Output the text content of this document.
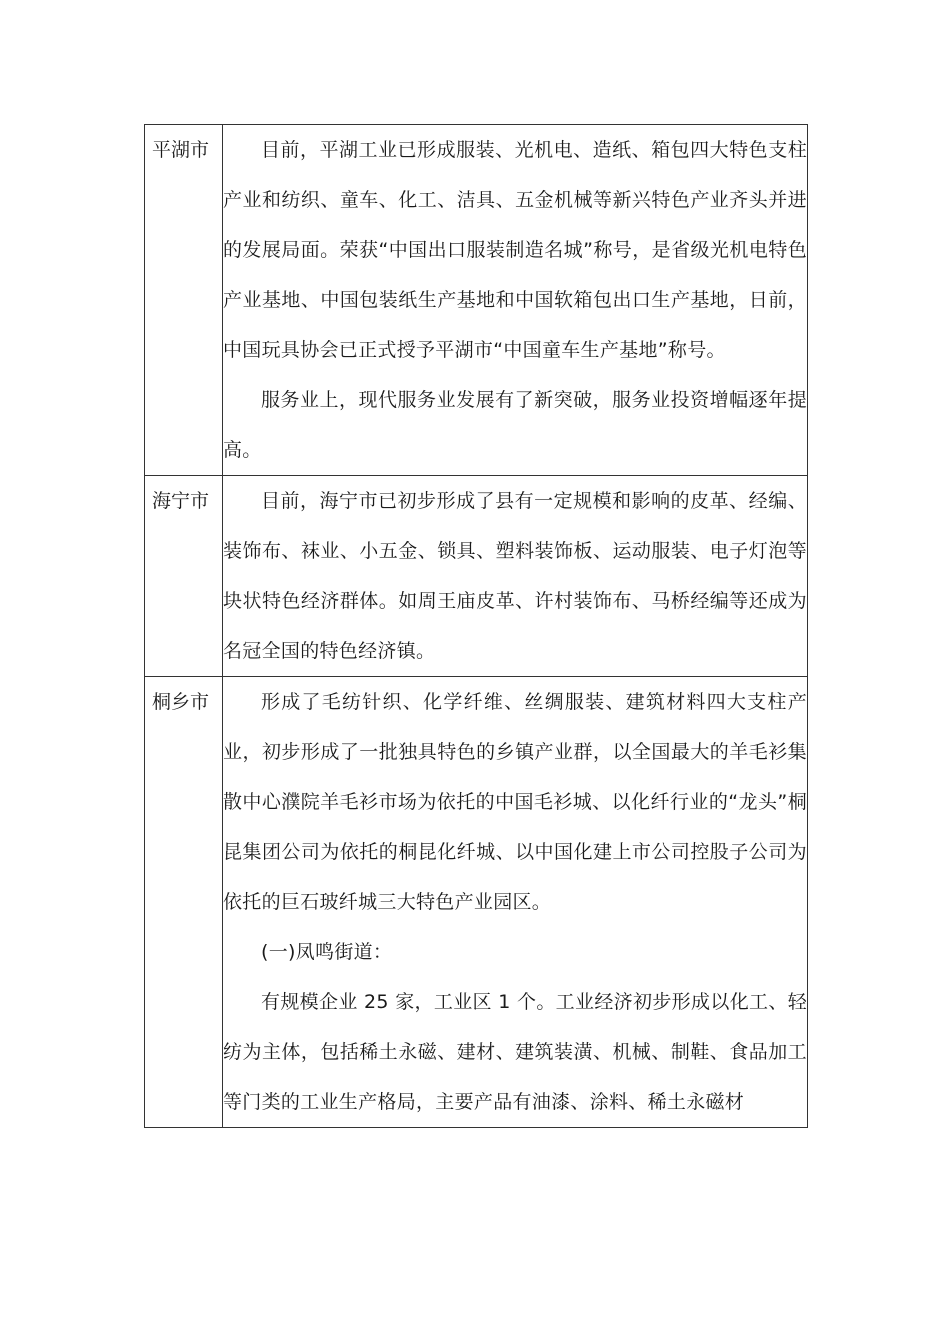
平湖市	目前，平湖工业已形成服装、光机电、造纸、箱包四大特色支柱产业和纺织、童车、化工、洁具、五金机械等新兴特色产业齐头并进的发展局面。荣获“中国出口服装制造名城”称号，是省级光机电特色产业基地、中国包装纸生产基地和中国软箱包出口生产基地，日前，中国玩具协会已正式授予平湖市“中国童车生产基地”称号。

服务业上，现代服务业发展有了新突破，服务业投资增幅逐年提高。

海宁市	目前，海宁市已初步形成了县有一定规模和影响的皮革、经编、装饰布、袜业、小五金、锁具、塑料装饰板、运动服装、电子灯泡等块状特色经济群体。如周王庙皮革、许村装饰布、马桥经编等还成为名冠全国的特色经济镇。

桐乡市	形成了毛纺针织、化学纤维、丝绸服装、建筑材料四大支柱产业，初步形成了一批独具特色的乡镇产业群，以全国最大的羊毛衫集散中心濮院羊毛衫市场为依托的中国毛衫城、以化纤行业的“龙头”桐昆集团公司为依托的桐昆化纤城、以中国化建上市公司控股子公司为依托的巨石玻纤城三大特色产业园区。

(一)凤鸣街道：

有规模企业 25 家，工业区 1 个。工业经济初步形成以化工、轻纺为主体，包括稀土永磁、建材、建筑装潢、机械、制鞋、食品加工等门类的工业生产格局，主要产品有油漆、涂料、稀土永磁材
